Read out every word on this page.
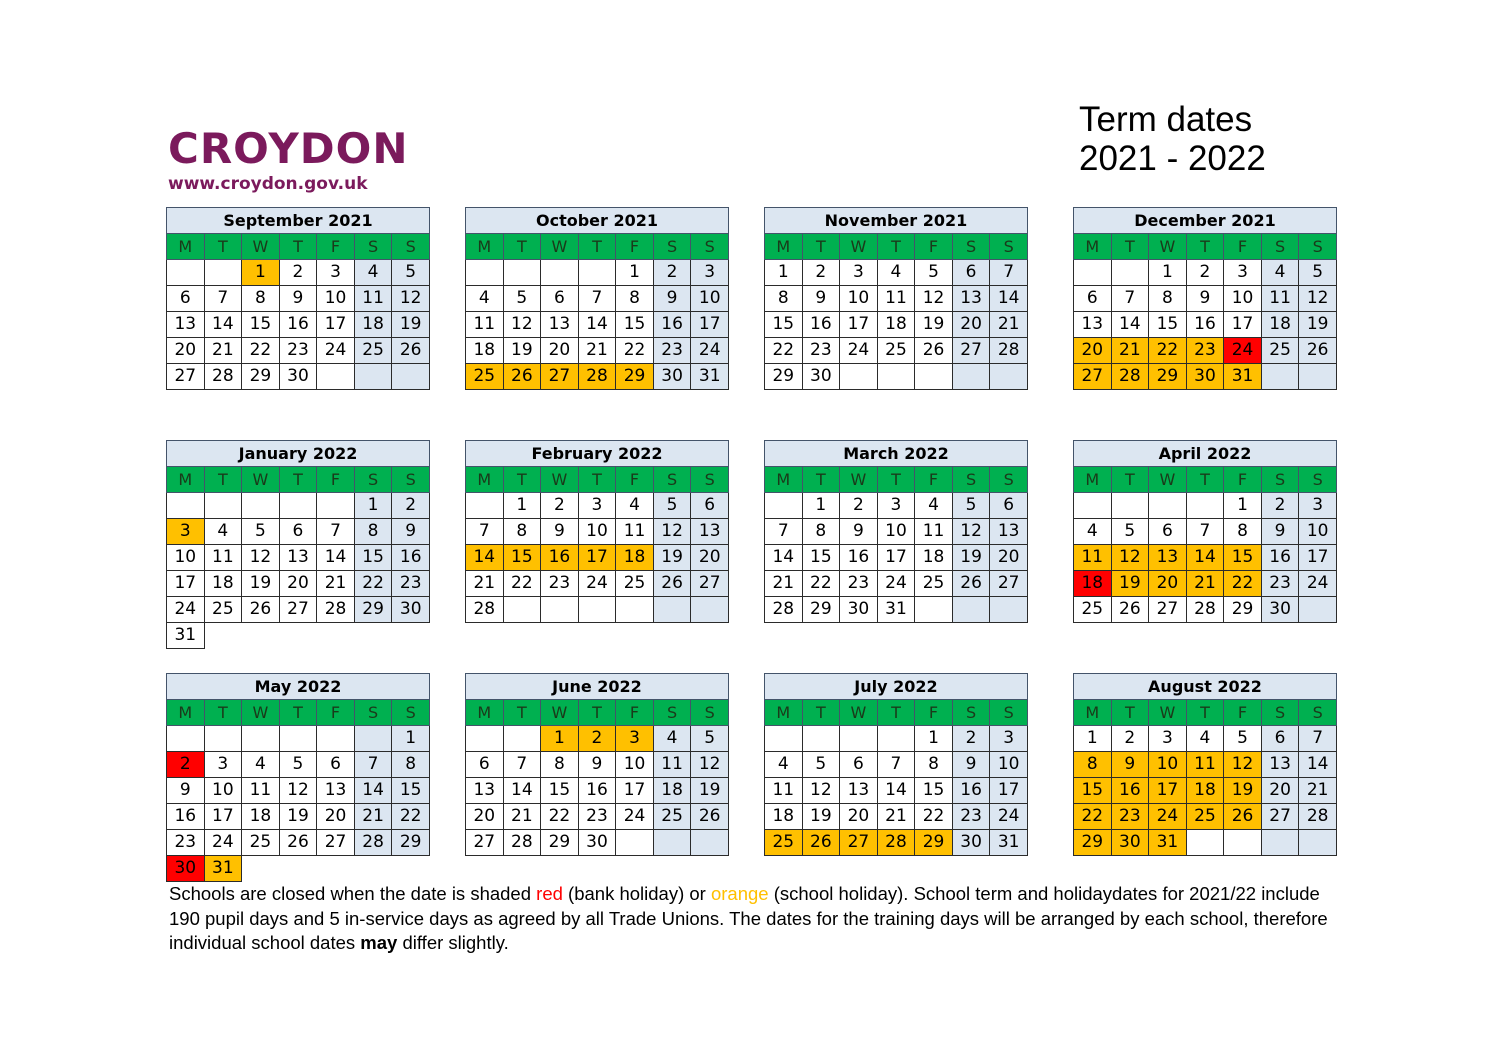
CROYDON
www.croydon.gov.uk
Term dates
2021 - 2022
September 2021						
M	T	W	T	F	S	S
		1	2	3	4	5
6	7	8	9	10	11	12
13	14	15	16	17	18	19
20	21	22	23	24	25	26
27	28	29	30			
October 2021						
M	T	W	T	F	S	S
				1	2	3
4	5	6	7	8	9	10
11	12	13	14	15	16	17
18	19	20	21	22	23	24
25	26	27	28	29	30	31
November 2021						
M	T	W	T	F	S	S
1	2	3	4	5	6	7
8	9	10	11	12	13	14
15	16	17	18	19	20	21
22	23	24	25	26	27	28
29	30					
December 2021						
M	T	W	T	F	S	S
		1	2	3	4	5
6	7	8	9	10	11	12
13	14	15	16	17	18	19
20	21	22	23	24	25	26
27	28	29	30	31		
January 2022						
M	T	W	T	F	S	S
					1	2
3	4	5	6	7	8	9
10	11	12	13	14	15	16
17	18	19	20	21	22	23
24	25	26	27	28	29	30
31						
February 2022						
M	T	W	T	F	S	S
	1	2	3	4	5	6
7	8	9	10	11	12	13
14	15	16	17	18	19	20
21	22	23	24	25	26	27
28						
March 2022						
M	T	W	T	F	S	S
	1	2	3	4	5	6
7	8	9	10	11	12	13
14	15	16	17	18	19	20
21	22	23	24	25	26	27
28	29	30	31			
April 2022						
M	T	W	T	F	S	S
				1	2	3
4	5	6	7	8	9	10
11	12	13	14	15	16	17
18	19	20	21	22	23	24
25	26	27	28	29	30	
May 2022						
M	T	W	T	F	S	S
						1
2	3	4	5	6	7	8
9	10	11	12	13	14	15
16	17	18	19	20	21	22
23	24	25	26	27	28	29
30	31					
June 2022						
M	T	W	T	F	S	S
		1	2	3	4	5
6	7	8	9	10	11	12
13	14	15	16	17	18	19
20	21	22	23	24	25	26
27	28	29	30			
July 2022						
M	T	W	T	F	S	S
				1	2	3
4	5	6	7	8	9	10
11	12	13	14	15	16	17
18	19	20	21	22	23	24
25	26	27	28	29	30	31
August 2022						
M	T	W	T	F	S	S
1	2	3	4	5	6	7
8	9	10	11	12	13	14
15	16	17	18	19	20	21
22	23	24	25	26	27	28
29	30	31				
Schools are closed when the date is shaded red (bank holiday) or orange (school holiday). School term and holidaydates for 2021/22 include 190 pupil days and 5 in-service days as agreed by all Trade Unions. The dates for the training days will be arranged by each school, therefore individual school dates may differ slightly.
